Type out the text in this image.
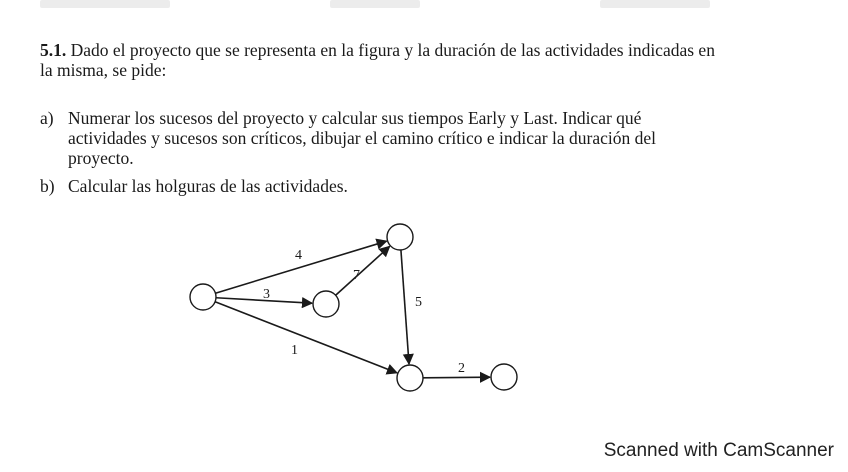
5.1. Dado el proyecto que se representa en la figura y la duración de las actividades indicadas en la misma, se pide:
a) Numerar los sucesos del proyecto y calcular sus tiempos Early y Last. Indicar qué actividades y sucesos son críticos, dibujar el camino crítico e indicar la duración del proyecto.
b) Calcular las holguras de las actividades.
4
3
7
5
1
2
Scanned with CamScanner
